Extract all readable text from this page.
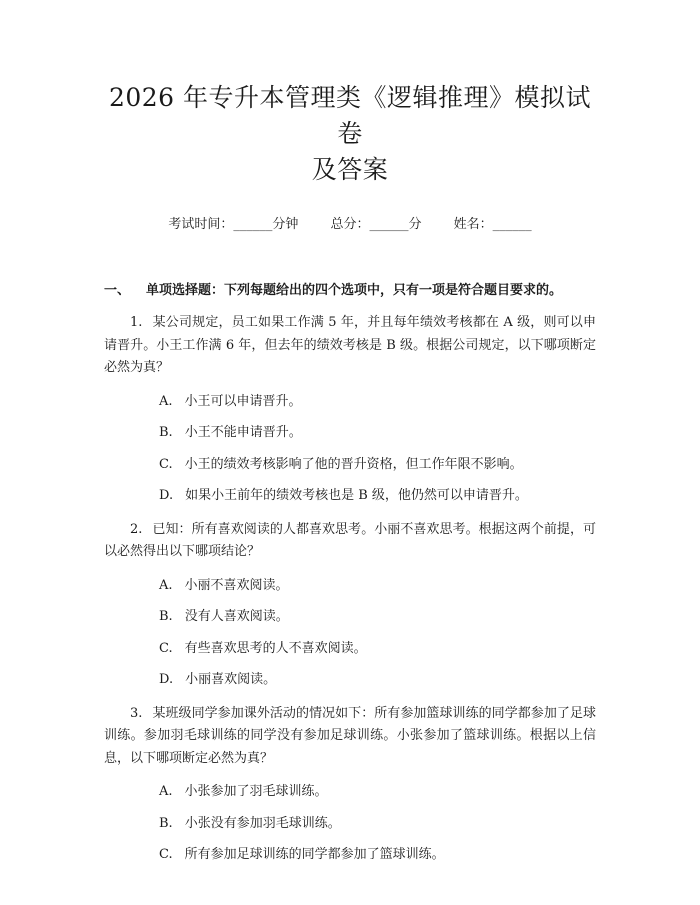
2026 年专升本管理类《逻辑推理》模拟试卷
及答案
考试时间：______分钟 总分：______分 姓名：______
一、 单项选择题：下列每题给出的四个选项中，只有一项是符合题目要求的。

1. 某公司规定，员工如果工作满 5 年，并且每年绩效考核都在 A 级，则可以申请晋升。小王工作满 6 年，但去年的绩效考核是 B 级。根据公司规定，以下哪项断定必然为真？

A. 小王可以申请晋升。
B. 小王不能申请晋升。
C. 小王的绩效考核影响了他的晋升资格，但工作年限不影响。
D. 如果小王前年的绩效考核也是 B 级，他仍然可以申请晋升。

2. 已知：所有喜欢阅读的人都喜欢思考。小丽不喜欢思考。根据这两个前提，可以必然得出以下哪项结论？

A. 小丽不喜欢阅读。
B. 没有人喜欢阅读。
C. 有些喜欢思考的人不喜欢阅读。
D. 小丽喜欢阅读。

3. 某班级同学参加课外活动的情况如下：所有参加篮球训练的同学都参加了足球训练。参加羽毛球训练的同学没有参加足球训练。小张参加了篮球训练。根据以上信息，以下哪项断定必然为真？

A. 小张参加了羽毛球训练。
B. 小张没有参加羽毛球训练。
C. 所有参加足球训练的同学都参加了篮球训练。
